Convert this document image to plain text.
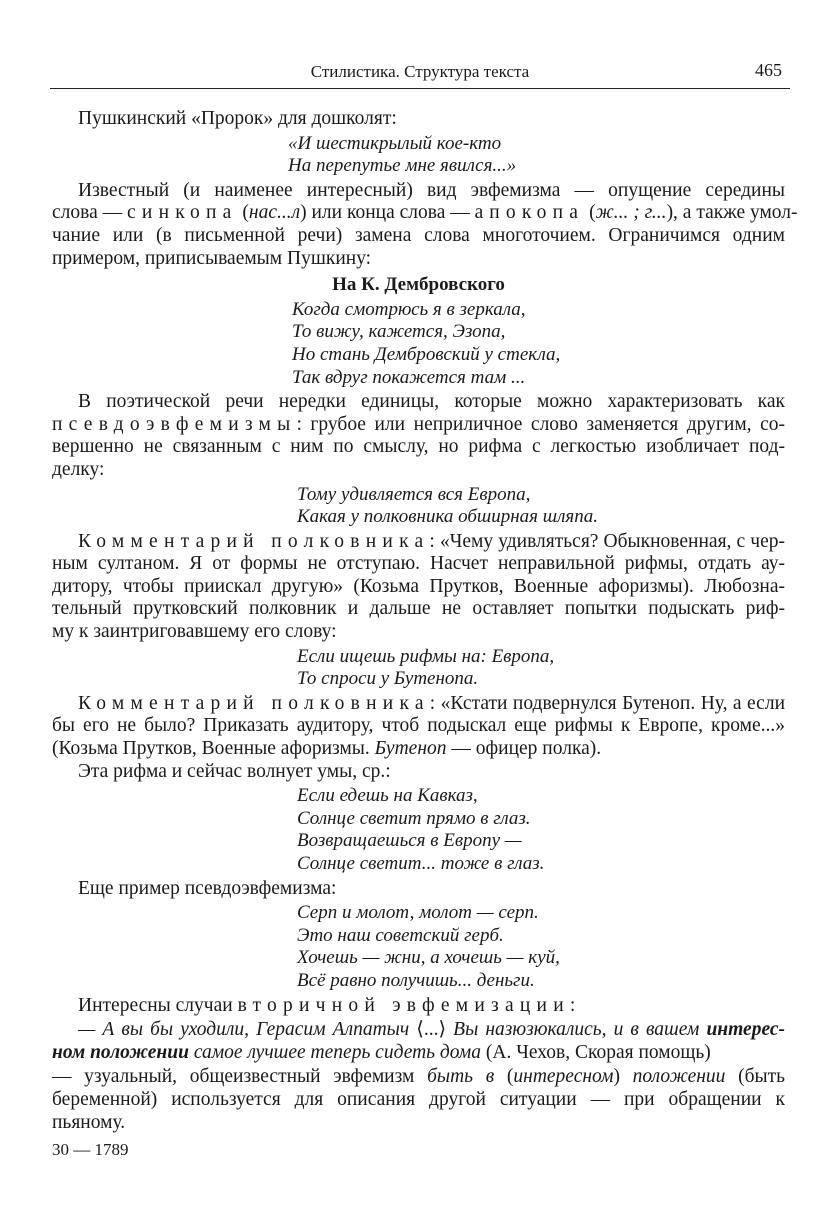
Стилистика. Структура текста	465
Пушкинский «Пророк» для дошколят:
«И шестикрылый кое-кто
На перепутье мне явился...»
Известный (и наименее интересный) вид эвфемизма — опущение середины
слова — синкопа (нас...л) или конца слова — апокопа (ж... ; г...), а также умол-
чание или (в письменной речи) замена слова многоточием. Ограничимся одним
примером, приписываемым Пушкину:
На К. Дембровского
Когда смотрюсь я в зеркала,
То вижу, кажется, Эзопа,
Но стань Дембровский у стекла,
Так вдруг покажется там ...
В поэтической речи нередки единицы, которые можно характеризовать как
псевдоэвфемизмы: грубое или неприличное слово заменяется другим, со-
вершенно не связанным с ним по смыслу, но рифма с легкостью изобличает под-
делку:
Тому удивляется вся Европа,
Какая у полковника обширная шляпа.
Комментарий полковника: «Чему удивляться? Обыкновенная, с чер-
ным султаном. Я от формы не отступаю. Насчет неправильной рифмы, отдать ау-
дитору, чтобы приискал другую» (Козьма Прутков, Военные афоризмы). Любозна-
тельный прутковский полковник и дальше не оставляет попытки подыскать риф-
му к заинтриговавшему его слову:
Если ищешь рифмы на: Европа,
То спроси у Бутенопа.
Комментарий полковника: «Кстати подвернулся Бутеноп. Ну, а если
бы его не было? Приказать аудитору, чтоб подыскал еще рифмы к Европе, кроме...»
(Козьма Прутков, Военные афоризмы. Бутеноп — офицер полка).
Эта рифма и сейчас волнует умы, ср.:
Если едешь на Кавказ,
Солнце светит прямо в глаз.
Возвращаешься в Европу —
Солнце светит... тоже в глаз.
Еще пример псевдоэвфемизма:
Серп и молот, молот — серп.
Это наш советский герб.
Хочешь — жни, а хочешь — куй,
Всё равно получишь... деньги.
Интересны случаи вторичной эвфемизации:
— А вы бы уходили, Герасим Алпатыч ⟨...⟩ Вы назюзюкались, и в вашем интерес-
ном положении самое лучшее теперь сидеть дома (А. Чехов, Скорая помощь)
— узуальный, общеизвестный эвфемизм быть в (интересном) положении (быть
беременной) используется для описания другой ситуации — при обращении к
пьяному.
30 — 1789
